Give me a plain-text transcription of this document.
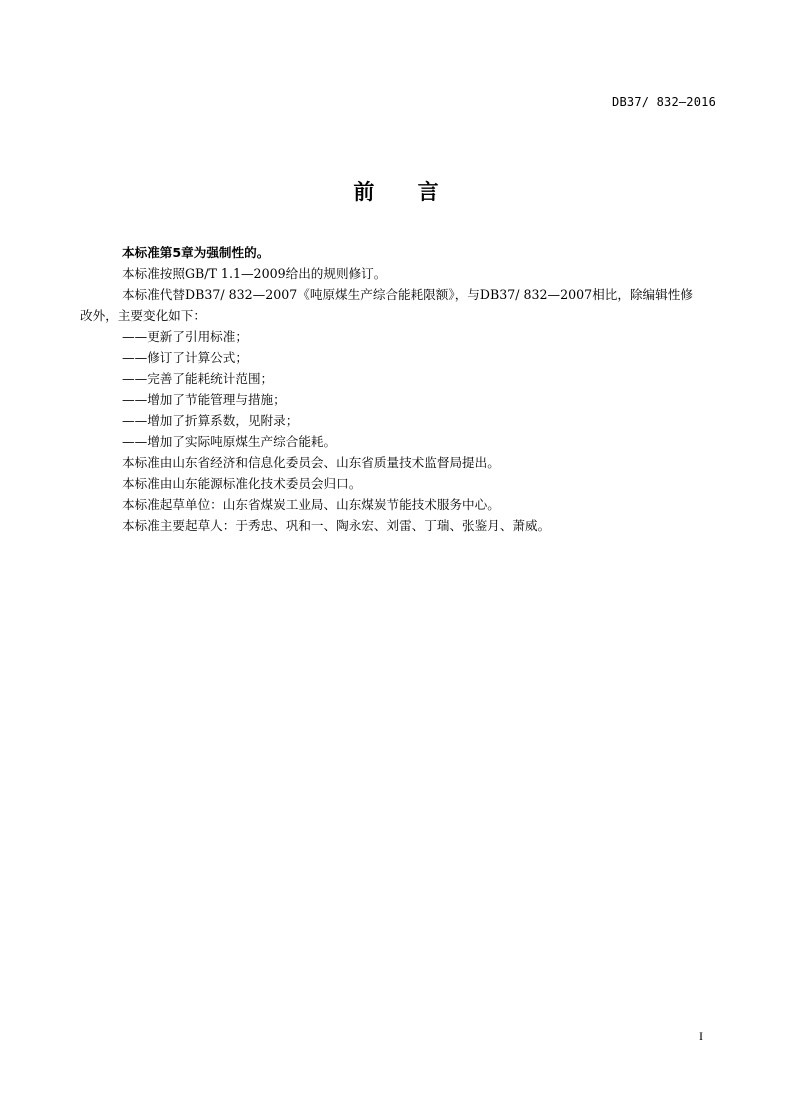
DB37/ 832—2016
前 言

本标准第5章为强制性的。

本标准按照GB/T 1.1—2009给出的规则修订。

本标准代替DB37/ 832—2007《吨原煤生产综合能耗限额》，与DB37/ 832—2007相比，除编辑性修

改外，主要变化如下：

——更新了引用标准；

——修订了计算公式；

——完善了能耗统计范围；

——增加了节能管理与措施；

——增加了折算系数，见附录；

——增加了实际吨原煤生产综合能耗。

本标准由山东省经济和信息化委员会、山东省质量技术监督局提出。

本标准由山东能源标准化技术委员会归口。

本标准起草单位：山东省煤炭工业局、山东煤炭节能技术服务中心。

本标准主要起草人：于秀忠、巩和一、陶永宏、刘雷、丁瑞、张鉴月、萧威。

I
